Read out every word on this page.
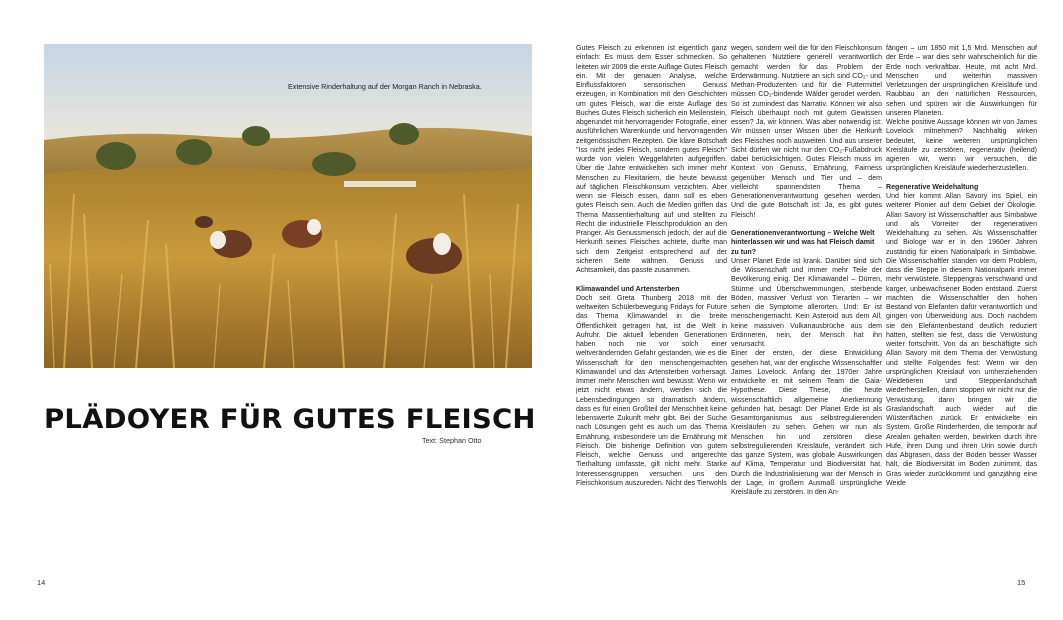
Extensive Rinderhaltung auf der Morgan Ranch in Nebraska.
PLÄDOYER FÜR GUTES FLEISCH
Text: Stephan Otto

Gutes Fleisch zu erkennen ist eigentlich ganz einfach: Es muss dem Esser schmecken. So leiteten wir 2009 die erste Auflage Gutes Fleisch ein. Mit der genauen Analyse, welche Einflussfaktoren sensorischen Genuss erzeugen, in Kombination mit den Geschichten um gutes Fleisch, war die erste Auflage des Buches Gutes Fleisch sicherlich ein Meilenstein, abgerundet mit hervorragender Fotografie, einer ausführlichen Warenkunde und hervorragenden zeitgenössischen Rezepten. Die klare Botschaft "Iss nicht jedes Fleisch, sondern gutes Fleisch" wurde von vielen Weggefährten aufgegriffen. Über die Jahre entwickelten sich immer mehr Menschen zu Flexitariern, die heute bewusst auf täglichen Fleischkonsum verzichten. Aber wenn sie Fleisch essen, dann soll es eben gutes Fleisch sein. Auch die Medien griffen das Thema Massentierhaltung auf und stellten zu Recht die industrielle Fleischproduktion an den Pranger. Als Genussmensch jedoch, der auf die Herkunft seines Fleisches achtete, durfte man sich dem Zeitgeist entsprechend auf der sicheren Seite wähnen. Genuss und Achtsamkeit, das passte zusammen.

Klimawandel und Artensterben

Doch seit Greta Thunberg 2018 mit der weltweiten Schülerbewegung Fridays for Future das Thema Klimawandel in die breite Öffentlichkeit getragen hat, ist die Welt in Aufruhr. Die aktuell lebenden Generationen haben noch nie vor solch einer weltverändernden Gefahr gestanden, wie es die Wissenschaft für den menschengemachten Klimawandel und das Artensterben vorhersagt. Immer mehr Menschen wird bewusst: Wenn wir jetzt nicht etwas ändern, werden sich die Lebensbedingungen so dramatisch ändern, dass es für einen Großteil der Menschheit keine lebenswerte Zukunft mehr gibt. Bei der Suche nach Lösungen geht es auch um das Thema Ernährung, insbesondere um die Ernährung mit Fleisch. Die bisherige Definition von gutem Fleisch, welche Genuss und artgerechte Tierhaltung umfasste, gilt nicht mehr. Starke Interessensgruppen versuchen uns den Fleischkonsum auszureden. Nicht des Tierwohls

wegen, sondern weil die für den Fleischkonsum gehaltenen Nutztiere generell verantwortlich gemacht werden für das Problem der Erderwärmung. Nutztiere an sich sind CO₂- und Methan-Produzenten und für die Futtermittel müssen CO₂-bindende Wälder gerodet werden. So ist zumindest das Narrativ. Können wir also Fleisch überhaupt noch mit gutem Gewissen essen? Ja, wir können. Was aber notwendig ist: Wir müssen unser Wissen über die Herkunft des Fleisches noch ausweiten. Und aus unserer Sicht dürfen wir nicht nur den CO₂-Fußabdruck dabei berücksichtigen. Gutes Fleisch muss im Kontext von Genuss, Ernährung, Fairness gegenüber Mensch und Tier und – dem vielleicht spannendsten Thema – Generationenverantwortung gesehen werden. Und die gute Botschaft ist: Ja, es gibt gutes Fleisch!

Generationenverantwortung – Welche Welt hinterlassen wir und was hat Fleisch damit zu tun?

Unser Planet Erde ist krank. Darüber sind sich die Wissenschaft und immer mehr Teile der Bevölkerung einig. Der Klimawandel – Dürren, Stürme und Überschwemmungen, sterbende Böden, massiver Verlust von Tierarten – wir sehen die Symptome allerorten. Und: Er ist menschengemacht. Kein Asteroid aus dem All, keine massiven Vulkanausbrüche aus dem Erdinneren, nein, der Mensch hat ihn verursacht.

Einer der ersten, der diese Entwicklung gesehen hat, war der englische Wissenschaftler James Lovelock. Anfang der 1970er Jahre entwickelte er mit seinem Team die Gaia-Hypothese. Diese These, die heute wissenschaftlich allgemeine Anerkennung gefunden hat, besagt: Der Planet Erde ist als Gesamtorganismus aus selbstregulierenden Kreisläufen zu sehen. Gehen wir nun als Menschen hin und zerstören diese selbstregulierenden Kreisläufe, verändert sich das ganze System, was globale Auswirkungen auf Klima, Temperatur und Biodiversität hat. Durch die Industrialisierung war der Mensch in der Lage, in großem Ausmaß ursprüngliche Kreisläufe zu zerstören. In den An-

fängen – um 1850 mit 1,5 Mrd. Menschen auf der Erde – war dies sehr wahrscheinlich für die Erde noch verkraftbar. Heute, mit acht Mrd. Menschen und weiterhin massiven Verletzungen der ursprünglichen Kreisläufe und Raubbau an den natürlichen Ressourcen, sehen und spüren wir die Auswirkungen für unseren Planeten.

Welche positive Aussage können wir von James Lovelock mitnehmen? Nachhaltig wirken bedeutet, keine weiteren ursprünglichen Kreisläufe zu zerstören, regenerativ (heilend) agieren wir, wenn wir versuchen, die ursprünglichen Kreisläufe wiederherzustellen.

Regenerative Weidehaltung

Und hier kommt Allan Savory ins Spiel, ein weiterer Pionier auf dem Gebiet der Ökologie. Allan Savory ist Wissenschaftler aus Simbabwe und als Vorreiter der regenerativen Weidehaltung zu sehen. Als Wissenschaftler und Biologe war er in den 1960er Jahren zuständig für einen Nationalpark in Simbabwe. Die Wissenschaftler standen vor dem Problem, dass die Steppe in diesem Nationalpark immer mehr verwüstete. Steppengras verschwand und karger, unbewachsener Boden entstand. Zuerst machten die Wissenschaftler den hohen Bestand von Elefanten dafür verantwortlich und gingen von Überweidung aus. Doch nachdem sie den Elefantenbestand deutlich reduziert hatten, stellten sie fest, dass die Verwüstung weiter fortschritt. Von da an beschäftigte sich Allan Savory mit dem Thema der Verwüstung und stellte Folgendes fest: Wenn wir den ursprünglichen Kreislauf von umherziehenden Weidetieren und Steppenlandschaft wiederherstellen, dann stoppen wir nicht nur die Verwüstung, dann bringen wir die Graslandschaft auch wieder auf die Wüstenflächen zurück. Er entwickelte ein System. Große Rinderherden, die temporär auf Arealen gehalten werden, bewirken durch ihre Hufe, ihren Dung und ihren Urin sowie durch das Abgrasen, dass der Boden besser Wasser hält, die Biodiversität im Boden zunimmt, das Gras wieder zurückkommt und ganzjährig eine Weide

14	15
